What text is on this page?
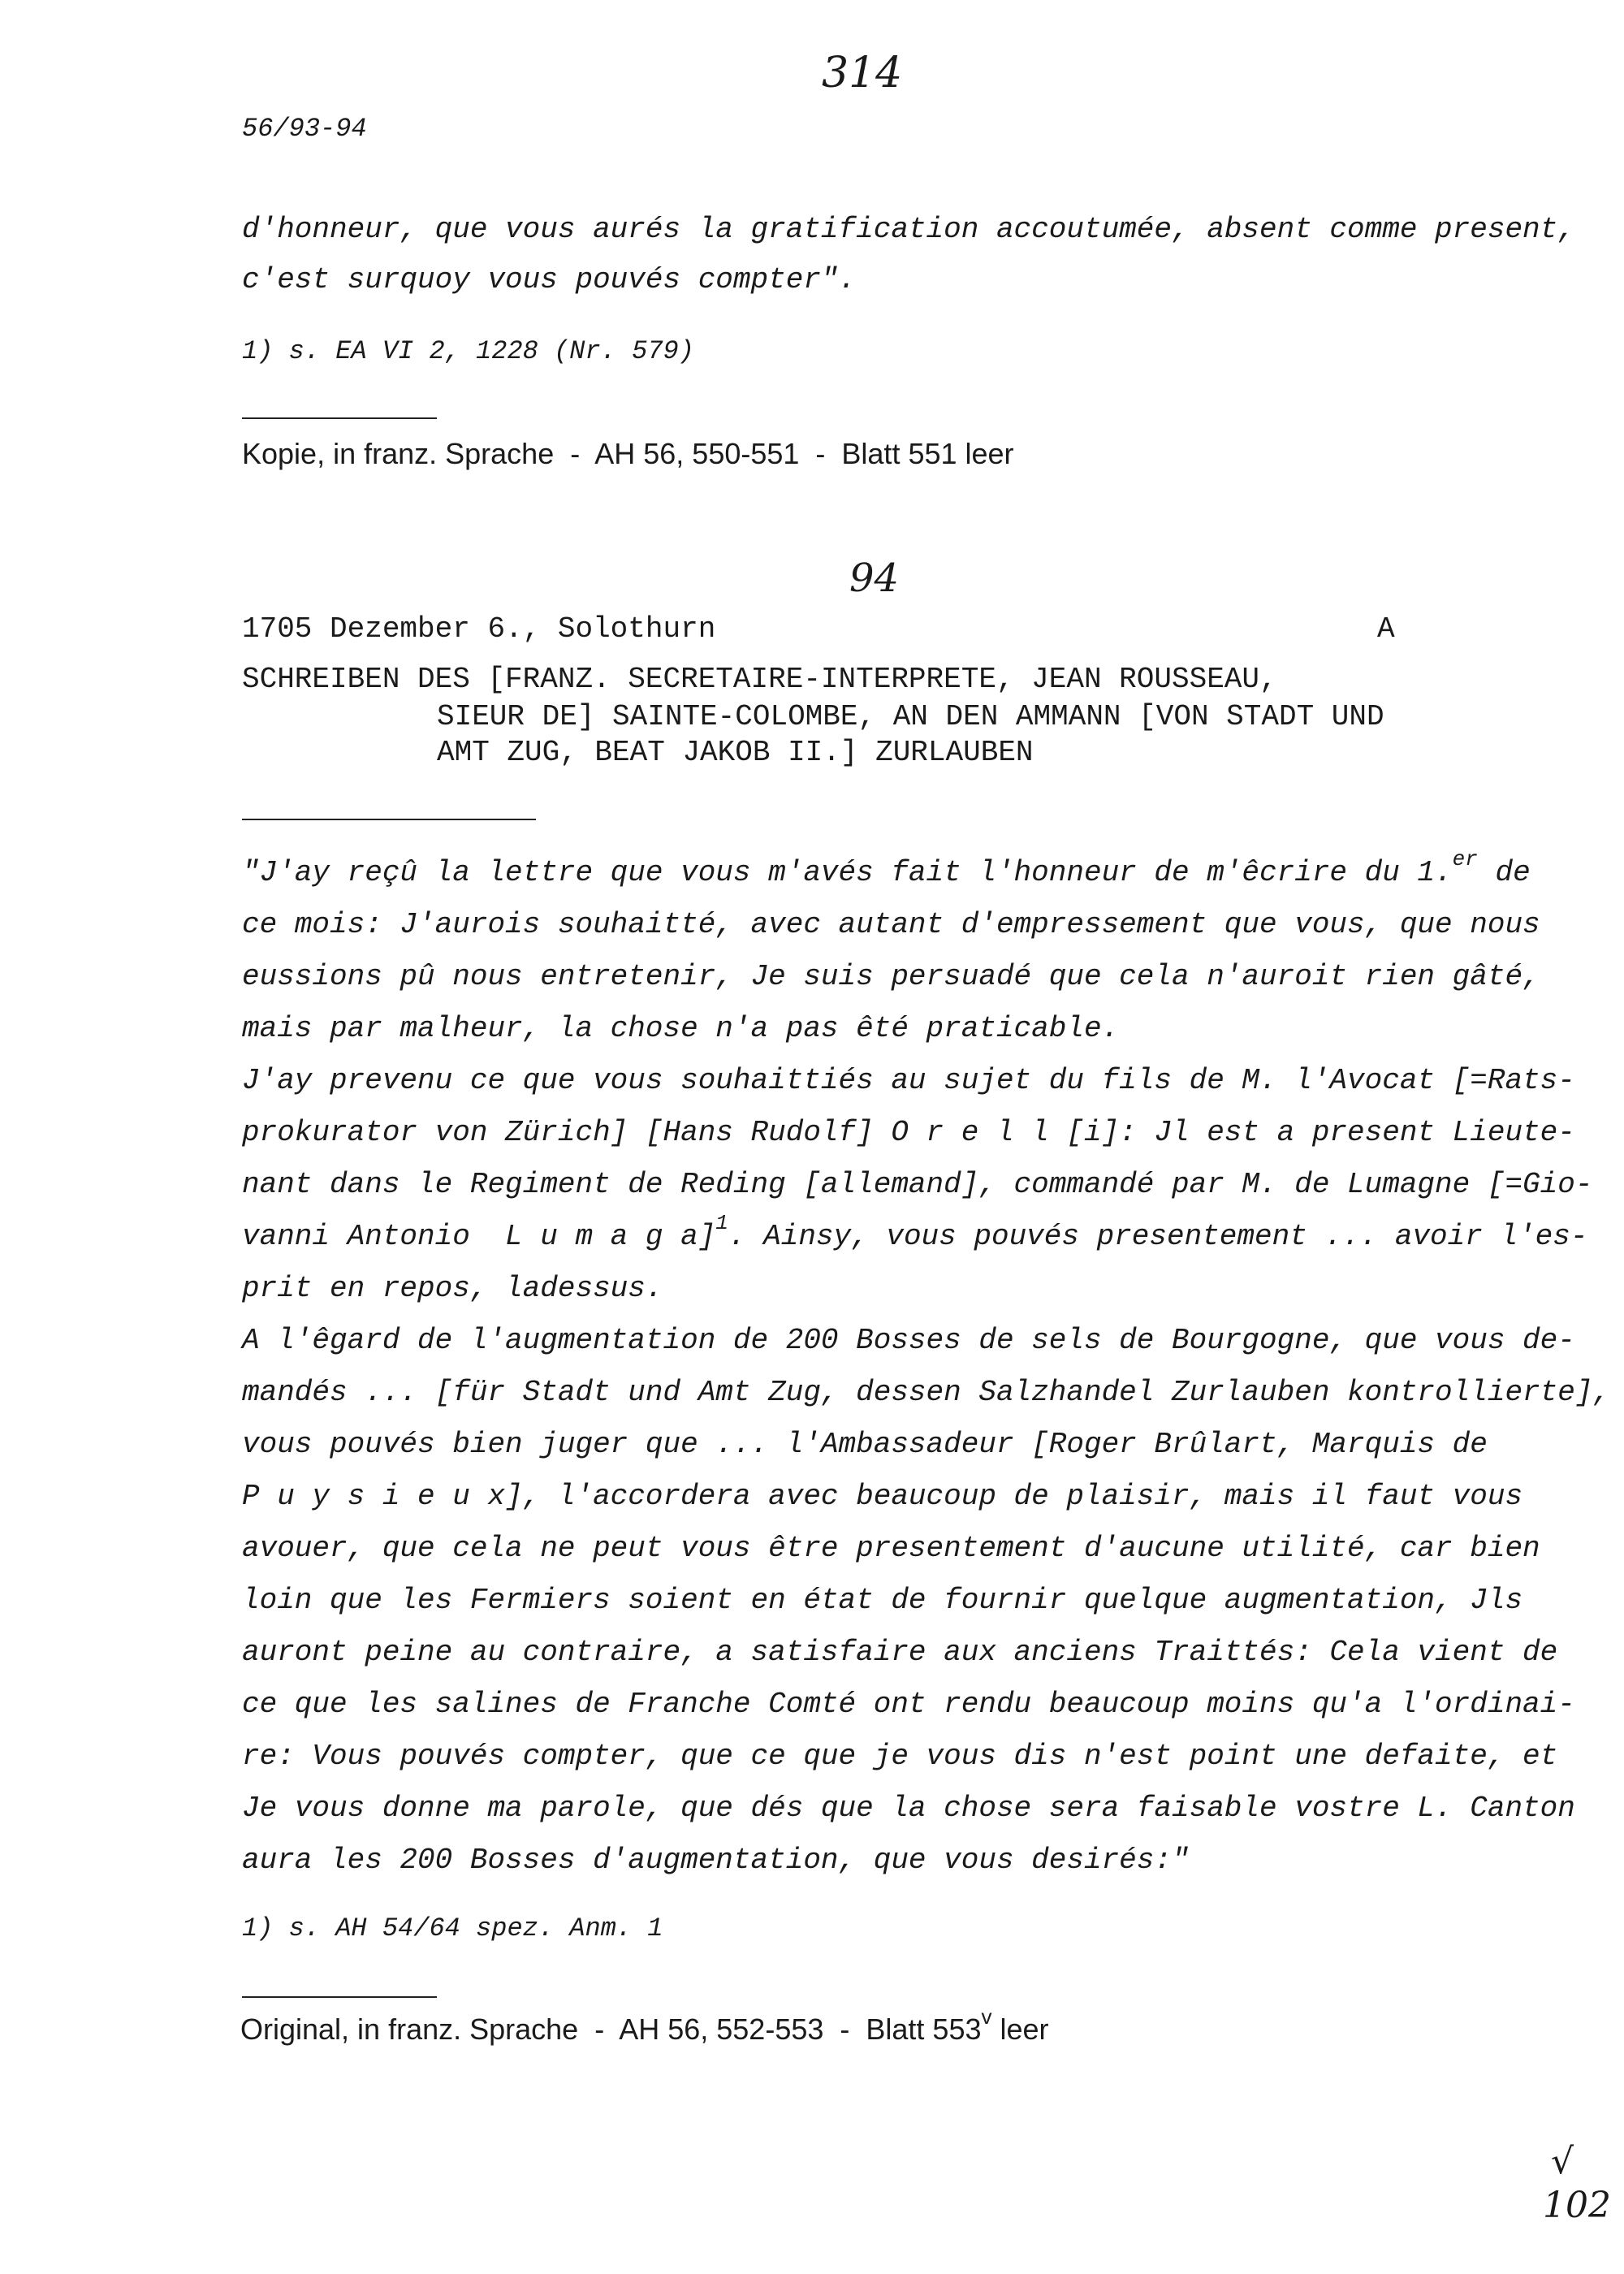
314
56/93-94
d'honneur, que vous aurés la gratification accoutumée, absent comme present,
c'est surquoy vous pouvés compter".
1) s. EA VI 2, 1228 (Nr. 579)
Kopie, in franz. Sprache  -  AH 56, 550-551  -  Blatt 551 leer
94
1705 Dezember 6., Solothurn	A
SCHREIBEN DES [FRANZ. SECRETAIRE-INTERPRETE, JEAN ROUSSEAU,
SIEUR DE] SAINTE-COLOMBE, AN DEN AMMANN [VON STADT UND
AMT ZUG, BEAT JAKOB II.] ZURLAUBEN
"J'ay reçû la lettre que vous m'avés fait l'honneur de m'êcrire du 1.$^{er}$ de
ce mois: J'aurois souhaitté, avec autant d'empressement que vous, que nous
eussions pû nous entretenir, Je suis persuadé que cela n'auroit rien gâté,
mais par malheur, la chose n'a pas êté praticable.
J'ay prevenu ce que vous souhaittiés au sujet du fils de M. l'Avocat [=Rats-
prokurator von Zürich] [Hans Rudolf] O r e l l [i]: Jl est a present Lieute-
nant dans le Regiment de Reding [allemand], commandé par M. de Lumagne [=Gio-
vanni Antonio  L u m a g a]$^1$. Ainsy, vous pouvés presentement ... avoir l'es-
prit en repos, ladessus.
A l'êgard de l'augmentation de 200 Bosses de sels de Bourgogne, que vous de-
mandés ... [für Stadt und Amt Zug, dessen Salzhandel Zurlauben kontrollierte],
vous pouvés bien juger que ... l'Ambassadeur [Roger Brûlart, Marquis de
P u y s i e u x], l'accordera avec beaucoup de plaisir, mais il faut vous
avouer, que cela ne peut vous être presentement d'aucune utilité, car bien
loin que les Fermiers soient en état de fournir quelque augmentation, Jls
auront peine au contraire, a satisfaire aux anciens Traittés: Cela vient de
ce que les salines de Franche Comté ont rendu beaucoup moins qu'a l'ordinai-
re: Vous pouvés compter, que ce que je vous dis n'est point une defaite, et
Je vous donne ma parole, que dés que la chose sera faisable vostre L. Canton
aura les 200 Bosses d'augmentation, que vous desirés:"
1) s. AH 54/64 spez. Anm. 1
Original, in franz. Sprache  -  AH 56, 552-553  -  Blatt 553$^v$ leer
√
102
